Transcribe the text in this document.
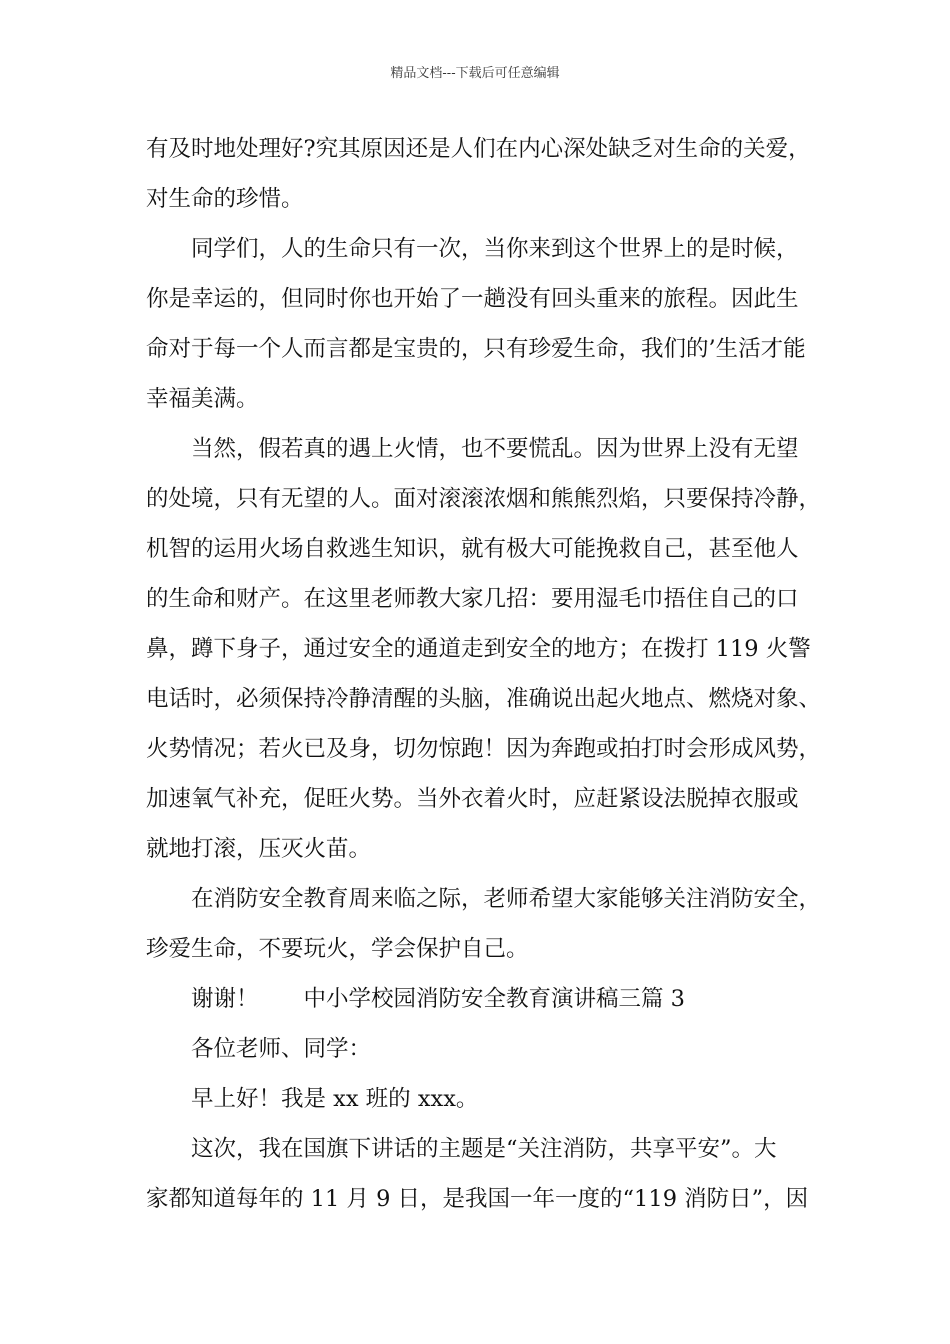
精品文档---下载后可任意编辑
有及时地处理好?究其原因还是人们在内心深处缺乏对生命的关爱，
对生命的珍惜。
同学们，人的生命只有一次，当你来到这个世界上的是时候，
你是幸运的，但同时你也开始了一趟没有回头重来的旅程。因此生
命对于每一个人而言都是宝贵的，只有珍爱生命，我们的’生活才能
幸福美满。
当然，假若真的遇上火情，也不要慌乱。因为世界上没有无望
的处境，只有无望的人。面对滚滚浓烟和熊熊烈焰，只要保持冷静，
机智的运用火场自救逃生知识，就有极大可能挽救自己，甚至他人
的生命和财产。在这里老师教大家几招：要用湿毛巾捂住自己的口
鼻，蹲下身子，通过安全的通道走到安全的地方；在拨打 119 火警
电话时，必须保持冷静清醒的头脑，准确说出起火地点、燃烧对象、
火势情况；若火已及身，切勿惊跑！因为奔跑或拍打时会形成风势，
加速氧气补充，促旺火势。当外衣着火时，应赶紧设法脱掉衣服或
就地打滚，压灭火苗。
在消防安全教育周来临之际，老师希望大家能够关注消防安全，
珍爱生命，不要玩火，学会保护自己。
谢谢！ 中小学校园消防安全教育演讲稿三篇 3
各位老师、同学：
早上好！我是 xx 班的 xxx。
这次，我在国旗下讲话的主题是“关注消防，共享平安”。大
家都知道每年的 11 月 9 日，是我国一年一度的“119 消防日”，因
